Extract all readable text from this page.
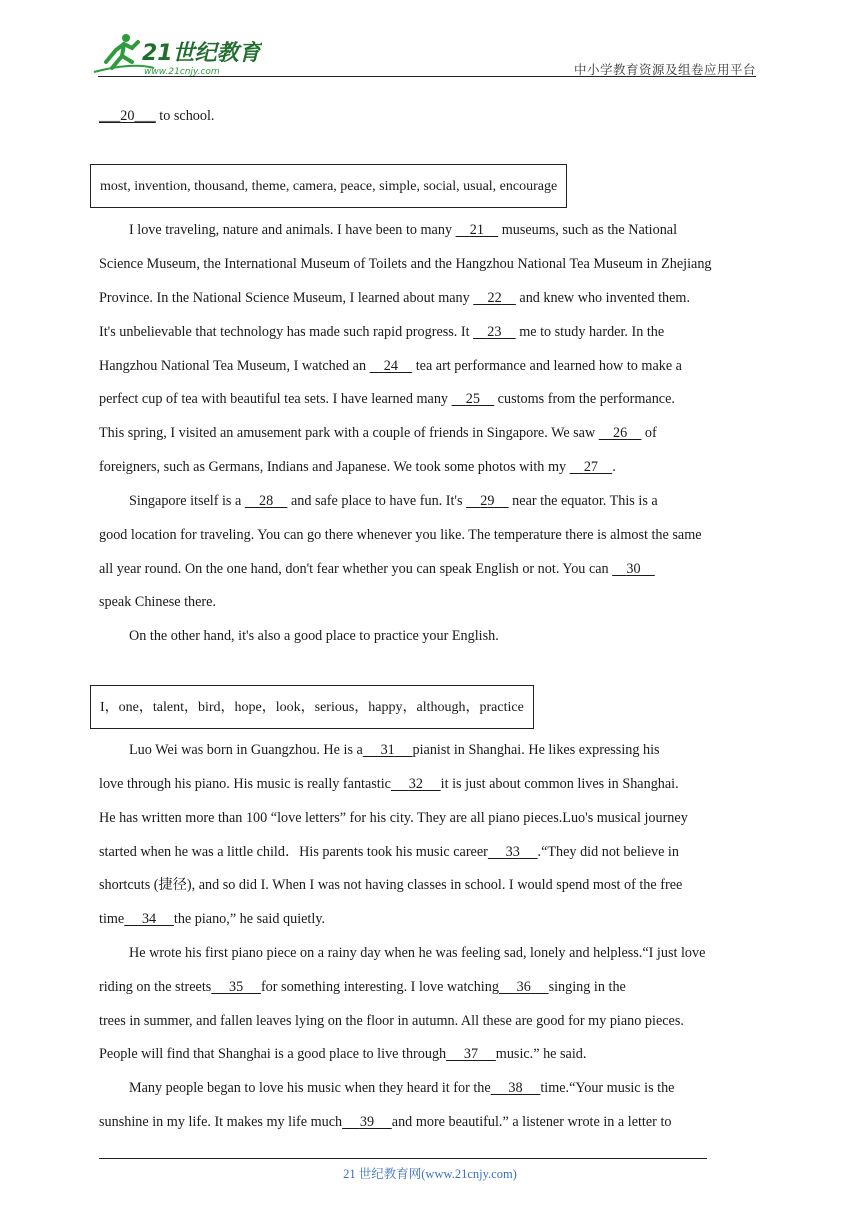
21世纪教育
www.21cnjy.com	中小学教育资源及组卷应用平台
___20___ to school.
most, invention, thousand, theme, camera, peace, simple, social, usual, encourage
I love traveling, nature and animals. I have been to many     21     museums, such as the National
Science Museum, the International Museum of Toilets and the Hangzhou National Tea Museum in Zhejiang
Province. In the National Science Museum, I learned about many     22     and knew who invented them.
It's unbelievable that technology has made such rapid progress. It     23     me to study harder. In the
Hangzhou National Tea Museum, I watched an     24     tea art performance and learned how to make a
perfect cup of tea with beautiful tea sets. I have learned many     25     customs from the performance.
This spring, I visited an amusement park with a couple of friends in Singapore. We saw     26     of
foreigners, such as Germans, Indians and Japanese. We took some photos with my     27 .
Singapore itself is a     28     and safe place to have fun. It's     29     near the equator. This is a
good location for traveling. You can go there whenever you like. The temperature there is almost the same
all year round. On the one hand, don't fear whether you can speak English or not. You can     30
speak Chinese there.
On the other hand, it's also a good place to practice your English.
I，one，talent，bird，hope，look，serious，happy，although，practice
Luo Wei was born in Guangzhou. He is a 31 pianist in Shanghai. He likes expressing his
love through his piano. His music is really fantastic 32 it is just about common lives in Shanghai.
He has written more than 100 “love letters” for his city. They are all piano pieces.Luo's musical journey
started when he was a little child．His parents took his music career 33 .“They did not believe in
shortcuts (捷径), and so did I. When I was not having classes in school. I would spend most of the free
time 34 the piano,” he said quietly.
He wrote his first piano piece on a rainy day when he was feeling sad, lonely and helpless.“I just love
riding on the streets 35 for something interesting. I love watching 36 singing in the
trees in summer, and fallen leaves lying on the floor in autumn. All these are good for my piano pieces.
People will find that Shanghai is a good place to live through 37 music.” he said.
Many people began to love his music when they heard it for the 38 time.“Your music is the
sunshine in my life. It makes my life much 39 and more beautiful.” a listener wrote in a letter to
21 世纪教育网(www.21cnjy.com)
